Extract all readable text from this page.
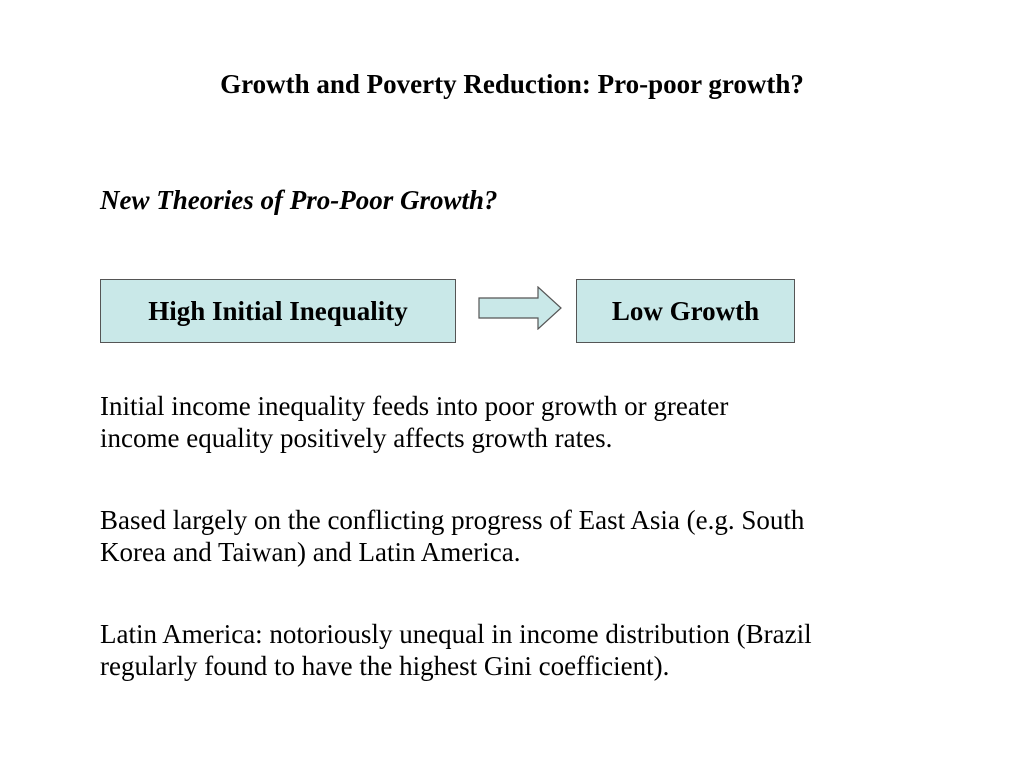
Growth and Poverty Reduction: Pro-poor growth?
New Theories of Pro-Poor Growth?
High Initial Inequality	Low Growth
Initial income inequality feeds into poor growth or greater
income equality positively affects growth rates.
Based largely on the conflicting progress of East Asia (e.g. South
Korea and Taiwan) and Latin America.
Latin America: notoriously unequal in income distribution (Brazil
regularly found to have the highest Gini coefficient).
